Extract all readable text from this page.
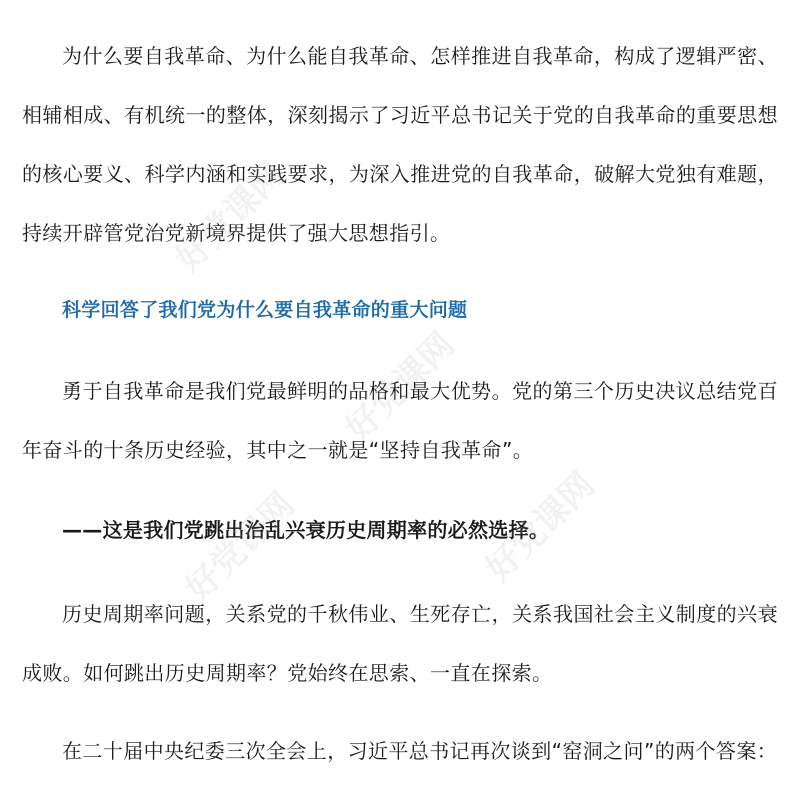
为什么要自我革命、为什么能自我革命、怎样推进自我革命，构成了逻辑严密、相辅相成、有机统一的整体，深刻揭示了习近平总书记关于党的自我革命的重要思想的核心要义、科学内涵和实践要求，为深入推进党的自我革命，破解大党独有难题，持续开辟管党治党新境界提供了强大思想指引。

科学回答了我们党为什么要自我革命的重大问题

勇于自我革命是我们党最鲜明的品格和最大优势。党的第三个历史决议总结党百年奋斗的十条历史经验，其中之一就是“坚持自我革命”。

——这是我们党跳出治乱兴衰历史周期率的必然选择。

历史周期率问题，关系党的千秋伟业、生死存亡，关系我国社会主义制度的兴衰成败。如何跳出历史周期率？党始终在思索、一直在探索。

在二十届中央纪委三次全会上，习近平总书记再次谈到“窑洞之问”的两个答案：

好党课网
好党课网
好党课网
好党课网
